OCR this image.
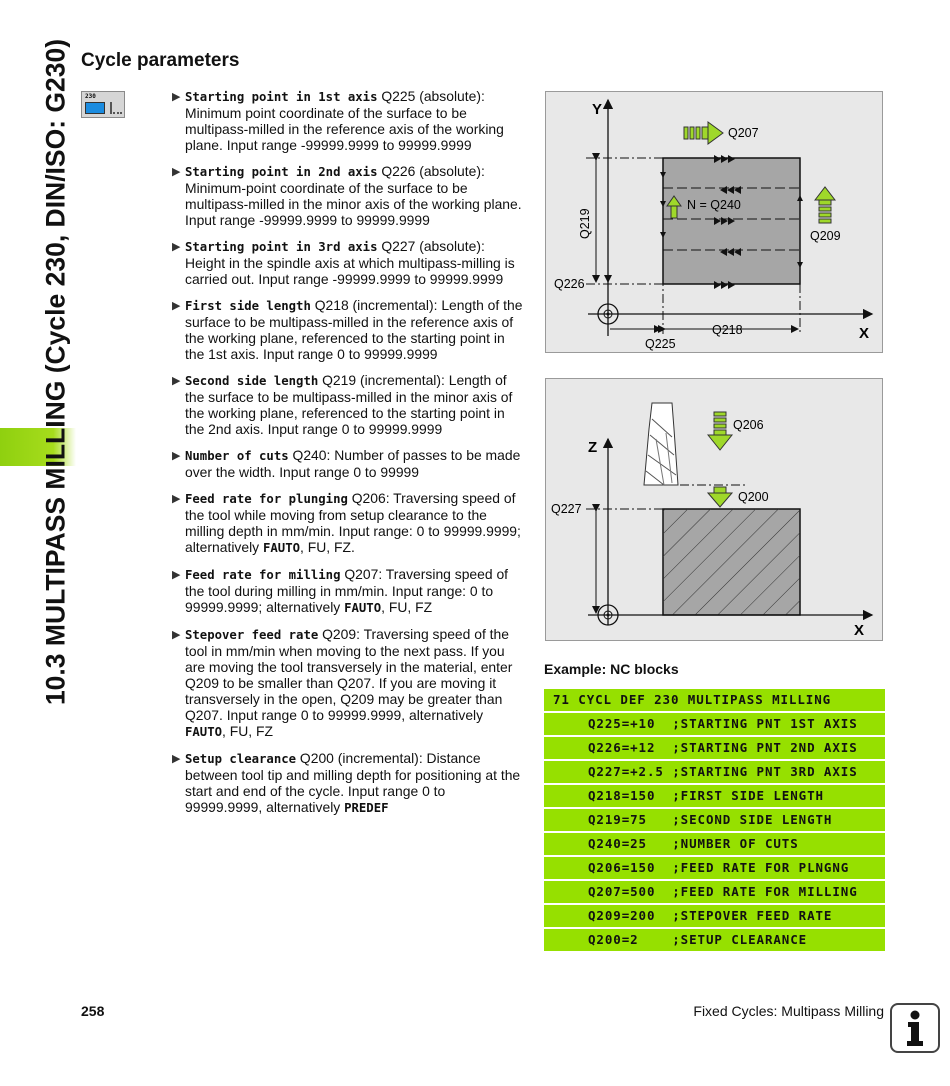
10.3 MULTIPASS MILLING (Cycle 230, DIN/ISO: G230) Cycle parameters
230	▶ Starting point in 1st axis Q225 (absolute): Minimum point coordinate of the surface to be multipass-milled in the reference axis of the working plane. Input range -99999.9999 to 99999.9999
▶ Starting point in 2nd axis Q226 (absolute): Minimum-point coordinate of the surface to be multipass-milled in the minor axis of the working plane. Input range -99999.9999 to 99999.9999
▶ Starting point in 3rd axis Q227 (absolute): Height in the spindle axis at which multipass-milling is carried out. Input range -99999.9999 to 99999.9999
▶ First side length Q218 (incremental): Length of the surface to be multipass-milled in the reference axis of the working plane, referenced to the starting point in the 1st axis. Input range 0 to 99999.9999
▶ Second side length Q219 (incremental): Length of the surface to be multipass-milled in the minor axis of the working plane, referenced to the starting point in the 2nd axis. Input range 0 to 99999.9999
▶ Number of cuts Q240: Number of passes to be made over the width. Input range 0 to 99999
▶ Feed rate for plunging Q206: Traversing speed of the tool while moving from setup clearance to the milling depth in mm/min. Input range: 0 to 99999.9999; alternatively FAUTO, FU, FZ.
▶ Feed rate for milling Q207: Traversing speed of the tool during milling in mm/min. Input range: 0 to 99999.9999; alternatively FAUTO, FU, FZ
▶ Stepover feed rate Q209: Traversing speed of the tool in mm/min when moving to the next pass. If you are moving the tool transversely in the material, enter Q209 to be smaller than Q207. If you are moving it transversely in the open, Q209 may be greater than Q207. Input range 0 to 99999.9999, alternatively FAUTO, FU, FZ
▶ Setup clearance Q200 (incremental): Distance between tool tip and milling depth for positioning at the start and end of the cycle. Input range 0 to 99999.9999, alternatively PREDEF
Y
X
Q207
N = Q240
Q209
Q219
Q226
Q218
Q225
Z
X
Q206
Q200
Q227
Example: NC blocks
71 CYCL DEF 230 MULTIPASS MILLING
Q225=+10  ;STARTING PNT 1ST AXIS
Q226=+12  ;STARTING PNT 2ND AXIS
Q227=+2.5 ;STARTING PNT 3RD AXIS
Q218=150  ;FIRST SIDE LENGTH
Q219=75   ;SECOND SIDE LENGTH
Q240=25   ;NUMBER OF CUTS
Q206=150  ;FEED RATE FOR PLNGNG
Q207=500  ;FEED RATE FOR MILLING
Q209=200  ;STEPOVER FEED RATE
Q200=2    ;SETUP CLEARANCE
258	Fixed Cycles: Multipass Milling
